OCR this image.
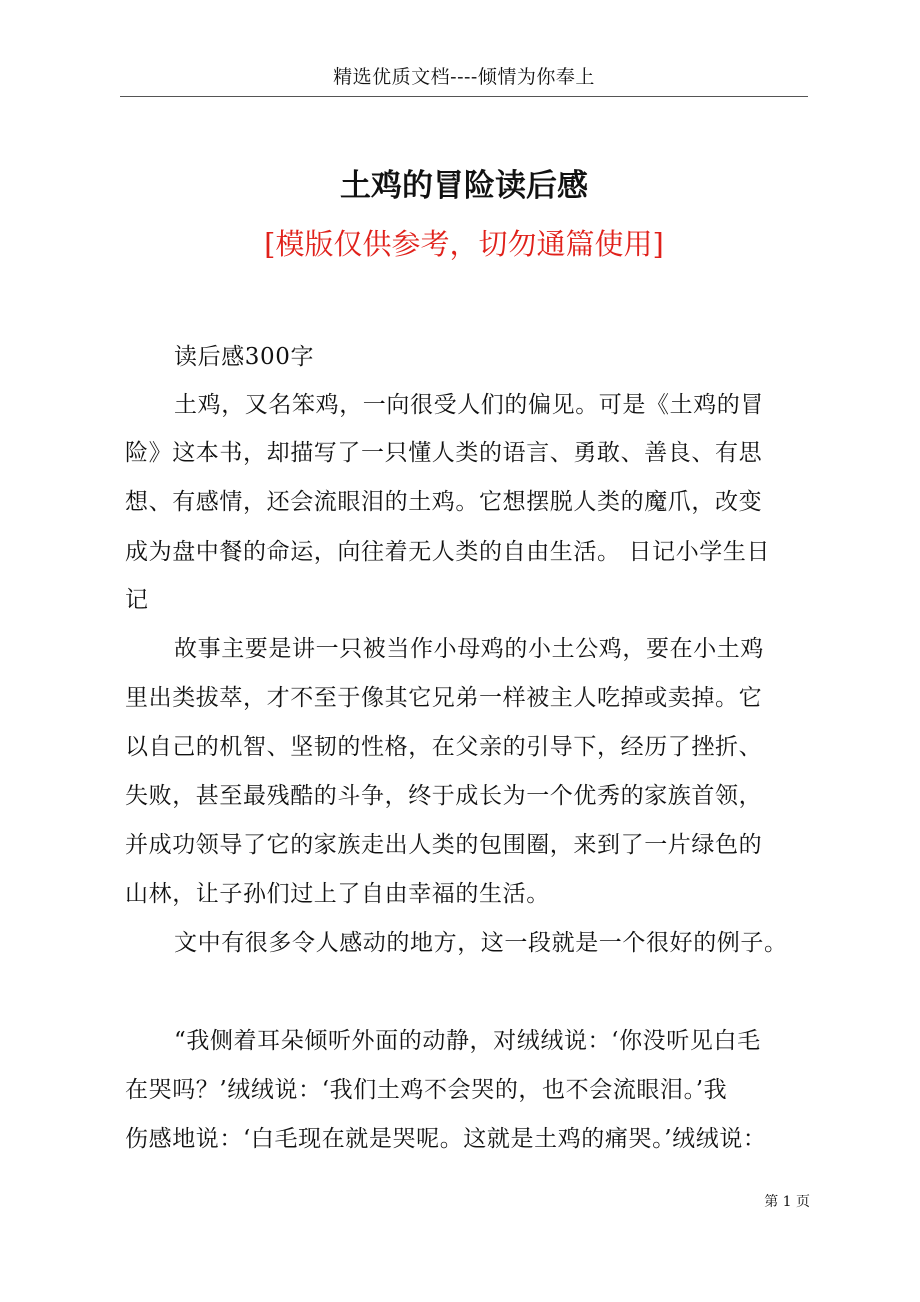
精选优质文档----倾情为你奉上
土鸡的冒险读后感
[模版仅供参考，切勿通篇使用]

读后感300字

土鸡，又名笨鸡，一向很受人们的偏见。可是《土鸡的冒

险》这本书，却描写了一只懂人类的语言、勇敢、善良、有思

想、有感情，还会流眼泪的土鸡。它想摆脱人类的魔爪，改变

成为盘中餐的命运，向往着无人类的自由生活。 日记小学生日

记

故事主要是讲一只被当作小母鸡的小土公鸡，要在小土鸡

里出类拔萃，才不至于像其它兄弟一样被主人吃掉或卖掉。它

以自己的机智、坚韧的性格，在父亲的引导下，经历了挫折、

失败，甚至最残酷的斗争，终于成长为一个优秀的家族首领，

并成功领导了它的家族走出人类的包围圈，来到了一片绿色的

山林，让子孙们过上了自由幸福的生活。

文中有很多令人感动的地方，这一段就是一个很好的例子。

“我侧着耳朵倾听外面的动静，对绒绒说：‘你没听见白毛

在哭吗？’绒绒说：‘我们土鸡不会哭的，也不会流眼泪。’我

伤感地说：‘白毛现在就是哭呢。这就是土鸡的痛哭。’绒绒说：

第 1 页
